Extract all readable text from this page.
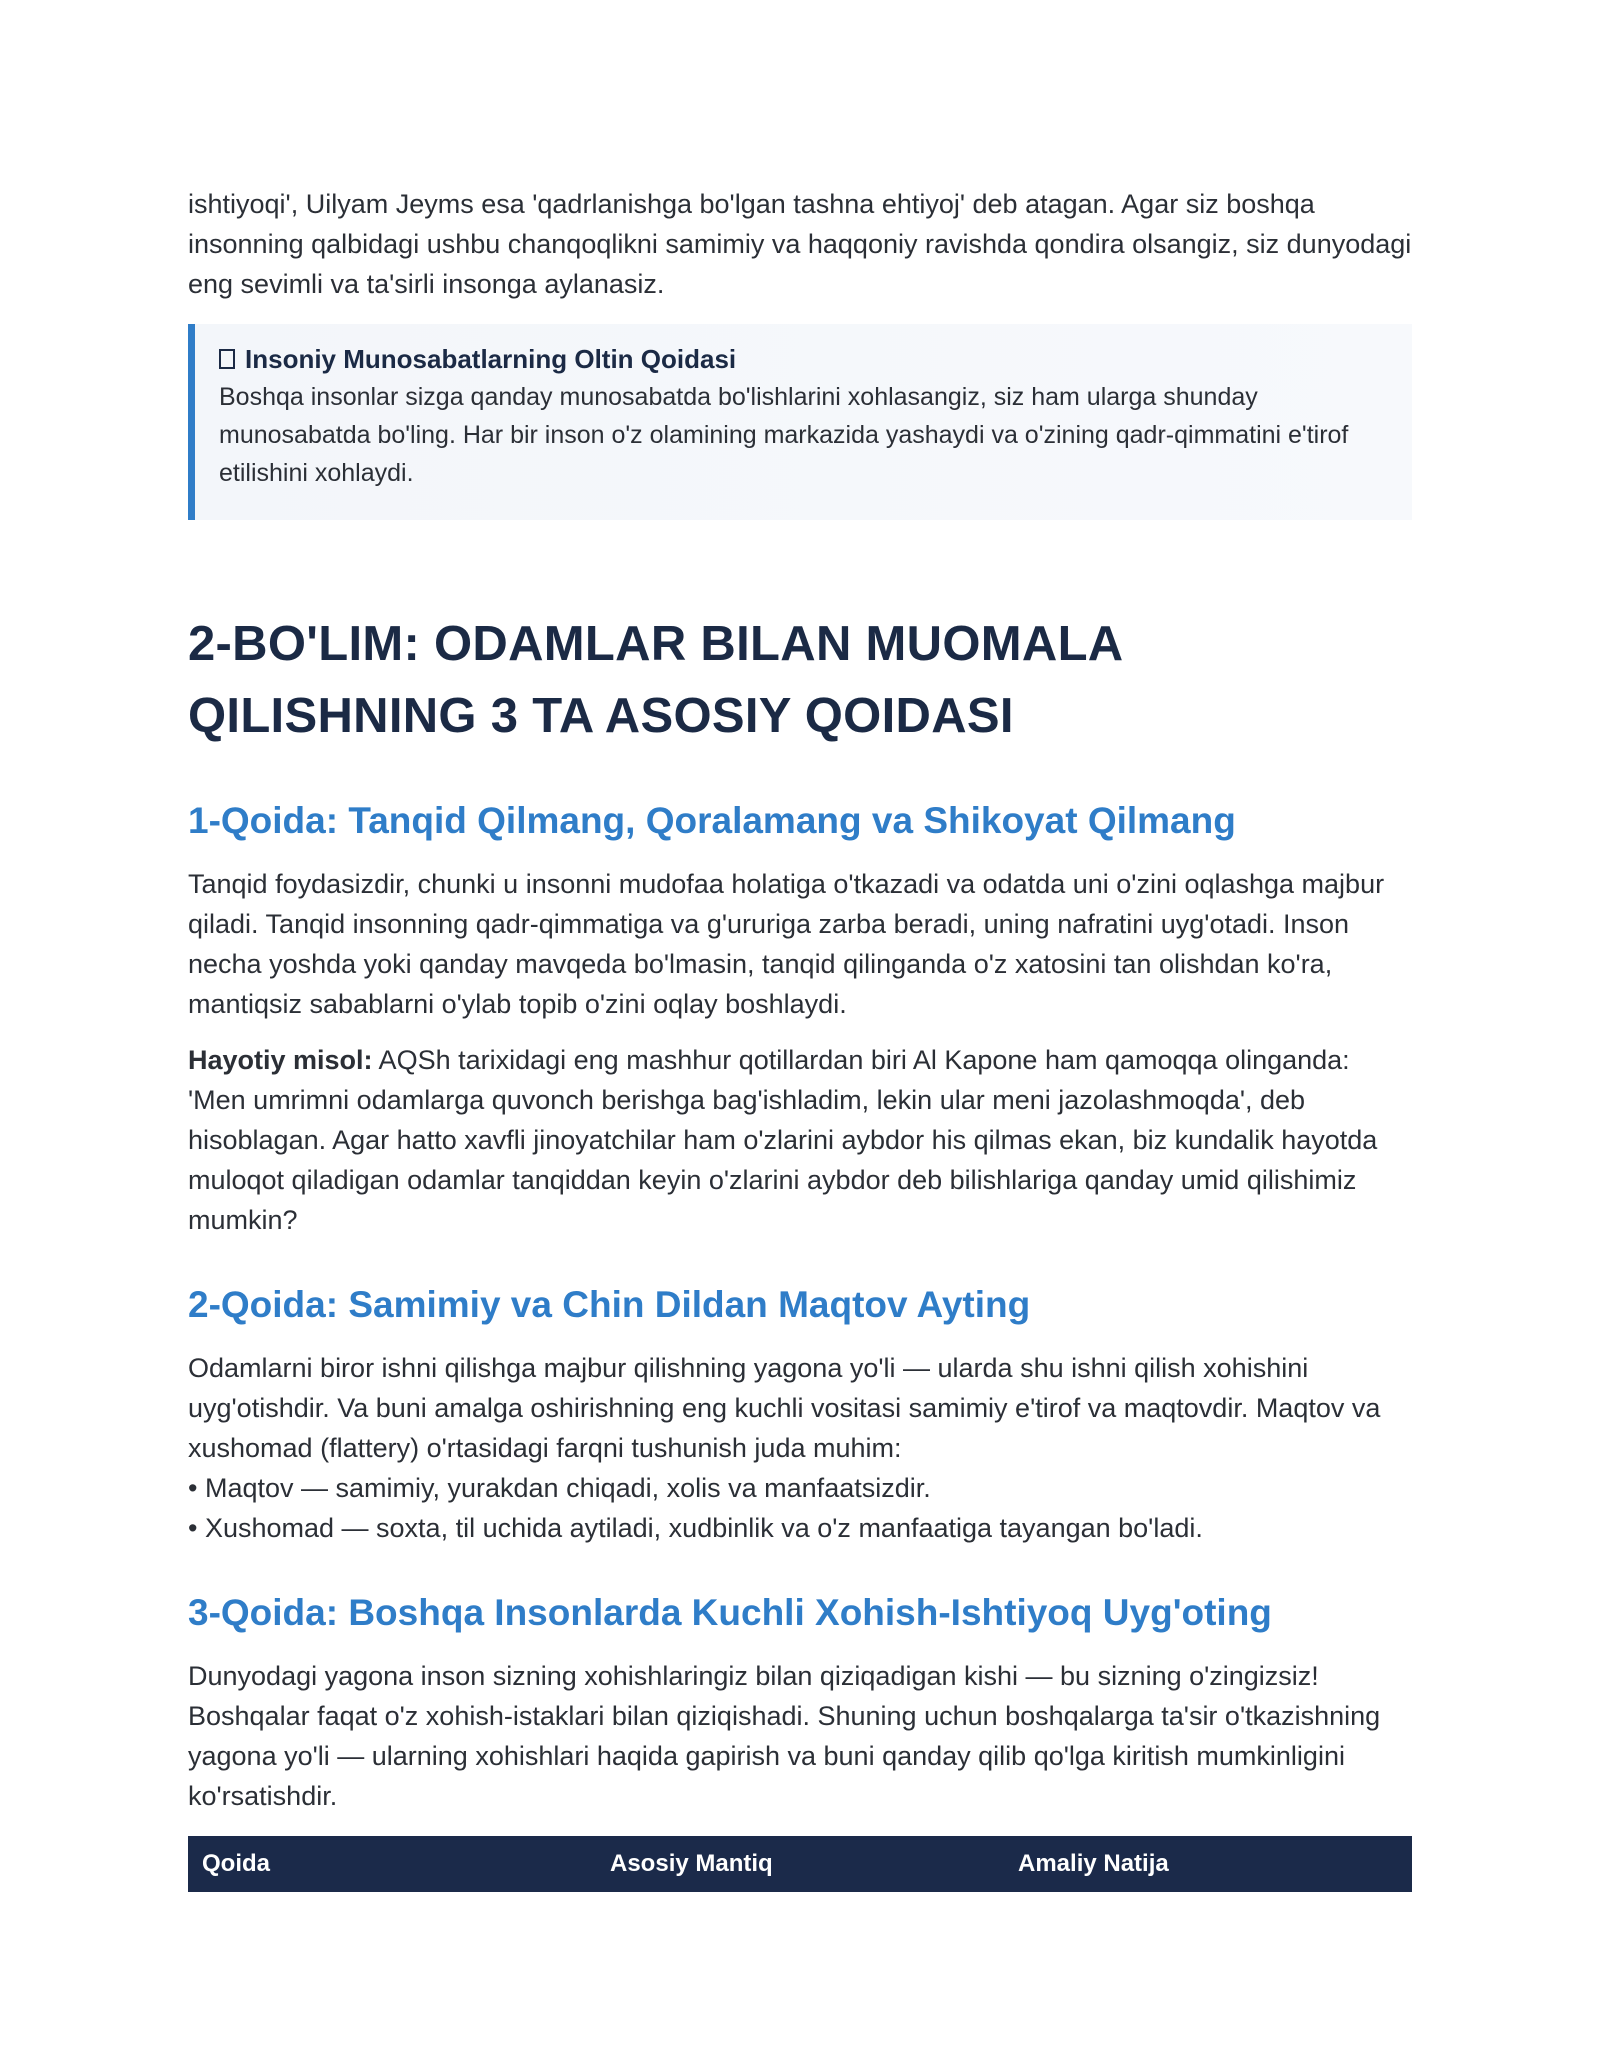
ishtiyoqi', Uilyam Jeyms esa 'qadrlanishga bo'lgan tashna ehtiyoj' deb atagan. Agar siz boshqa insonning qalbidagi ushbu chanqoqlikni samimiy va haqqoniy ravishda qondira olsangiz, siz dunyodagi eng sevimli va ta'sirli insonga aylanasiz.

Insoniy Munosabatlarning Oltin Qoidasi
Boshqa insonlar sizga qanday munosabatda bo'lishlarini xohlasangiz, siz ham ularga shunday munosabatda bo'ling. Har bir inson o'z olamining markazida yashaydi va o'zining qadr-qimmatini e'tirof etilishini xohlaydi.
2-BO'LIM: ODAMLAR BILAN MUOMALA QILISHNING 3 TA ASOSIY QOIDASI
1-Qoida: Tanqid Qilmang, Qoralamang va Shikoyat Qilmang

Tanqid foydasizdir, chunki u insonni mudofaa holatiga o'tkazadi va odatda uni o'zini oqlashga majbur qiladi. Tanqid insonning qadr-qimmatiga va g'ururiga zarba beradi, uning nafratini uyg'otadi. Inson necha yoshda yoki qanday mavqeda bo'lmasin, tanqid qilinganda o'z xatosini tan olishdan ko'ra, mantiqsiz sabablarni o'ylab topib o'zini oqlay boshlaydi.

Hayotiy misol: AQSh tarixidagi eng mashhur qotillardan biri Al Kapone ham qamoqqa olinganda: 'Men umrimni odamlarga quvonch berishga bag'ishladim, lekin ular meni jazolashmoqda', deb hisoblagan. Agar hatto xavfli jinoyatchilar ham o'zlarini aybdor his qilmas ekan, biz kundalik hayotda muloqot qiladigan odamlar tanqiddan keyin o'zlarini aybdor deb bilishlariga qanday umid qilishimiz mumkin?

2-Qoida: Samimiy va Chin Dildan Maqtov Ayting

Odamlarni biror ishni qilishga majbur qilishning yagona yo'li — ularda shu ishni qilish xohishini uyg'otishdir. Va buni amalga oshirishning eng kuchli vositasi samimiy e'tirof va maqtovdir. Maqtov va xushomad (flattery) o'rtasidagi farqni tushunish juda muhim:

• Maqtov — samimiy, yurakdan chiqadi, xolis va manfaatsizdir.

• Xushomad — soxta, til uchida aytiladi, xudbinlik va o'z manfaatiga tayangan bo'ladi.

3-Qoida: Boshqa Insonlarda Kuchli Xohish-Ishtiyoq Uyg'oting

Dunyodagi yagona inson sizning xohishlaringiz bilan qiziqadigan kishi — bu sizning o'zingizsiz! Boshqalar faqat o'z xohish-istaklari bilan qiziqishadi. Shuning uchun boshqalarga ta'sir o'tkazishning yagona yo'li — ularning xohishlari haqida gapirish va buni qanday qilib qo'lga kiritish mumkinligini ko'rsatishdir.

Qoida	Asosiy Mantiq	Amaliy Natija
